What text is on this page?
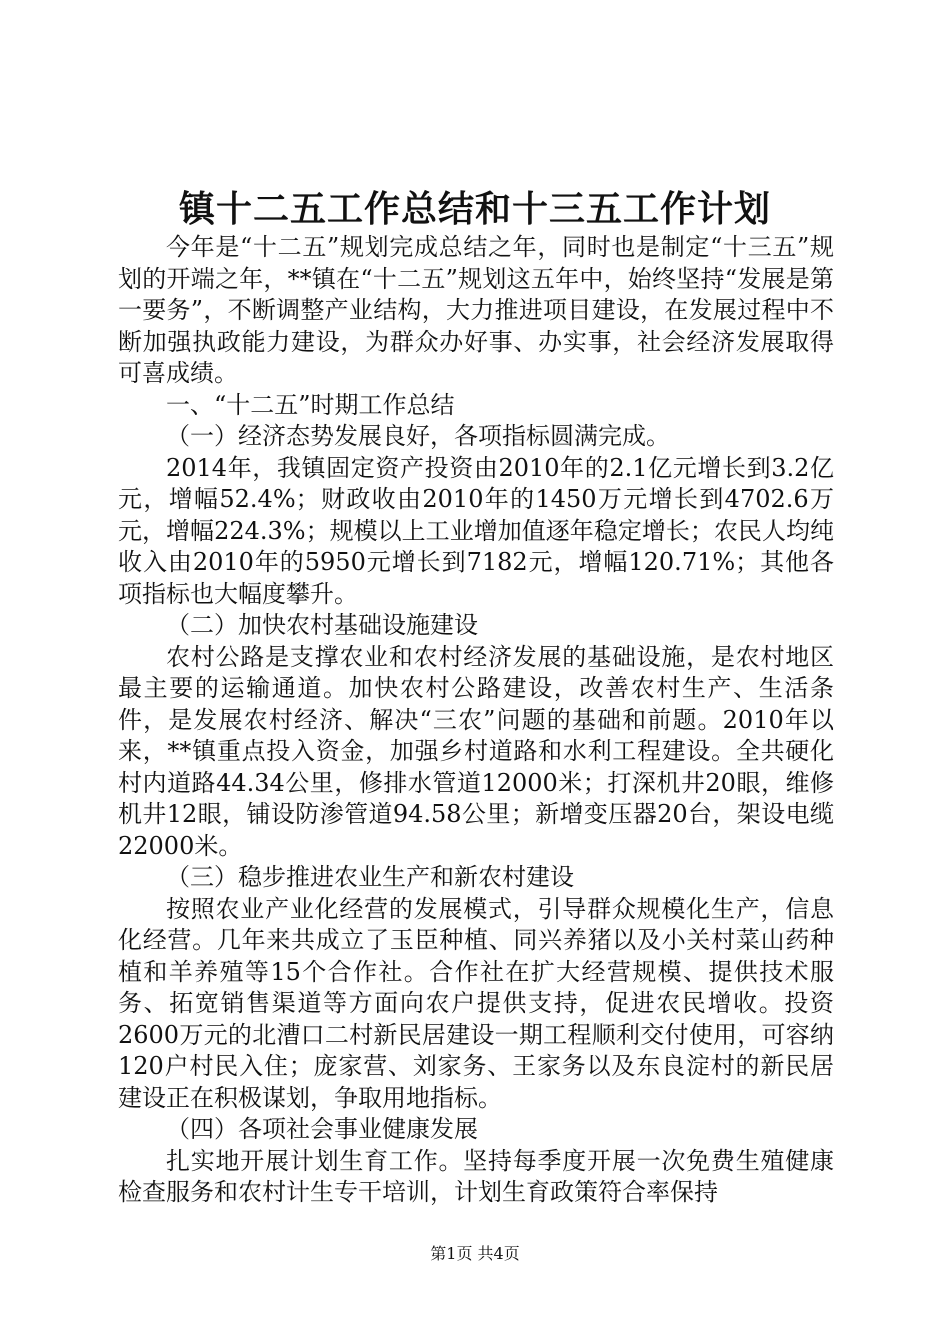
镇十二五工作总结和十三五工作计划

今年是“十二五”规划完成总结之年，同时也是制定“十三五”规划的开端之年，**镇在“十二五”规划这五年中，始终坚持“发展是第一要务”，不断调整产业结构，大力推进项目建设，在发展过程中不断加强执政能力建设，为群众办好事、办实事，社会经济发展取得可喜成绩。

一、“十二五”时期工作总结

（一）经济态势发展良好，各项指标圆满完成。

2014年，我镇固定资产投资由2010年的2.1亿元增长到3.2亿元，增幅52.4%；财政收由2010年的1450万元增长到4702.6万元，增幅224.3%；规模以上工业增加值逐年稳定增长；农民人均纯收入由2010年的5950元增长到7182元，增幅120.71%；其他各项指标也大幅度攀升。

（二）加快农村基础设施建设

农村公路是支撑农业和农村经济发展的基础设施，是农村地区最主要的运输通道。加快农村公路建设，改善农村生产、生活条件，是发展农村经济、解决“三农”问题的基础和前题。2010年以来，**镇重点投入资金，加强乡村道路和水利工程建设。全共硬化村内道路44.34公里，修排水管道12000米；打深机井20眼，维修机井12眼，铺设防渗管道94.58公里；新增变压器20台，架设电缆22000米。

（三）稳步推进农业生产和新农村建设

按照农业产业化经营的发展模式，引导群众规模化生产，信息化经营。几年来共成立了玉臣种植、同兴养猪以及小关村菜山药种植和羊养殖等15个合作社。合作社在扩大经营规模、提供技术服务、拓宽销售渠道等方面向农户提供支持，促进农民增收。投资2600万元的北漕口二村新民居建设一期工程顺利交付使用，可容纳120户村民入住；庞家营、刘家务、王家务以及东良淀村的新民居建设正在积极谋划，争取用地指标。

（四）各项社会事业健康发展

扎实地开展计划生育工作。坚持每季度开展一次免费生殖健康检查服务和农村计生专干培训，计划生育政策符合率保持

第1页 共4页
